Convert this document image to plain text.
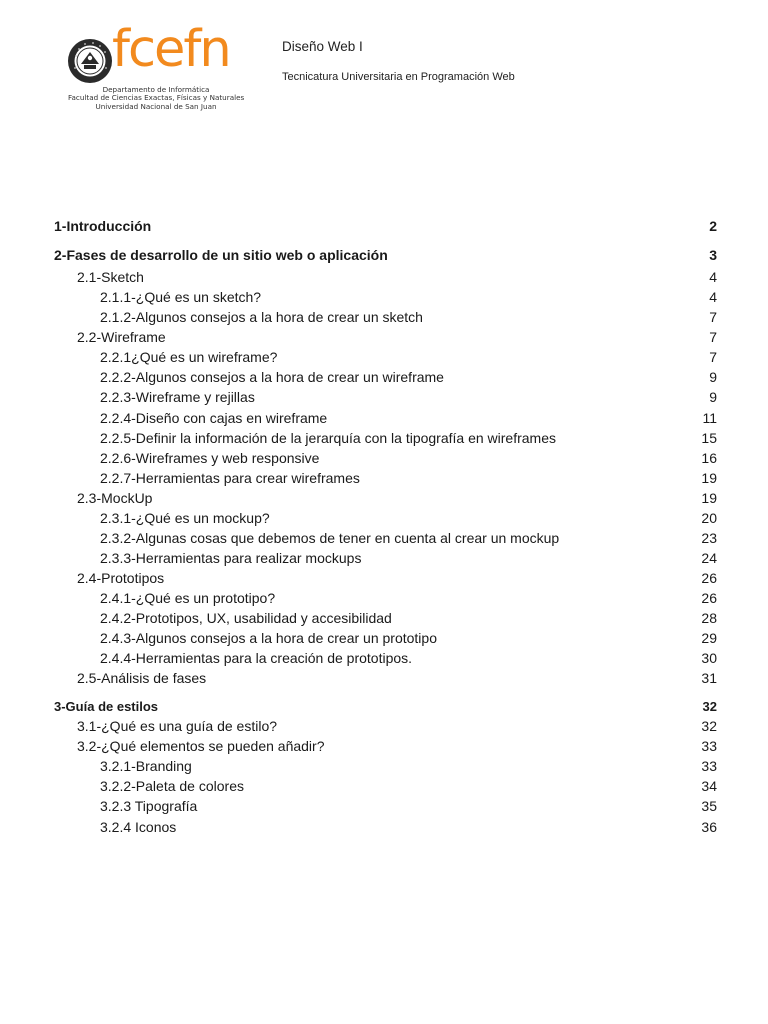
fcefn
Departamento de Informática
Facultad de Ciencias Exactas, Físicas y Naturales
Universidad Nacional de San Juan
Diseño Web I
Tecnicatura Universitaria en Programación Web
1-Introducción	2
2-Fases de desarrollo de un sitio web o aplicación	3
2.1-Sketch	4
2.1.1-¿Qué es un sketch?	4
2.1.2-Algunos consejos a la hora de crear un sketch	7
2.2-Wireframe	7
2.2.1¿Qué es un wireframe?	7
2.2.2-Algunos consejos a la hora de crear un wireframe	9
2.2.3-Wireframe y rejillas	9
2.2.4-Diseño con cajas en wireframe	11
2.2.5-Definir la información de la jerarquía con la tipografía en wireframes	15
2.2.6-Wireframes y web responsive	16
2.2.7-Herramientas para crear wireframes	19
2.3-MockUp	19
2.3.1-¿Qué es un mockup?	20
2.3.2-Algunas cosas que debemos de tener en cuenta al crear un mockup	23
2.3.3-Herramientas para realizar mockups	24
2.4-Prototipos	26
2.4.1-¿Qué es un prototipo?	26
2.4.2-Prototipos, UX, usabilidad y accesibilidad	28
2.4.3-Algunos consejos a la hora de crear un prototipo	29
2.4.4-Herramientas para la creación de prototipos.	30
2.5-Análisis de fases	31
3-Guía de estilos	32
3.1-¿Qué es una guía de estilo?	32
3.2-¿Qué elementos se pueden añadir?	33
3.2.1-Branding	33
3.2.2-Paleta de colores	34
3.2.3 Tipografía	35
3.2.4 Iconos	36
